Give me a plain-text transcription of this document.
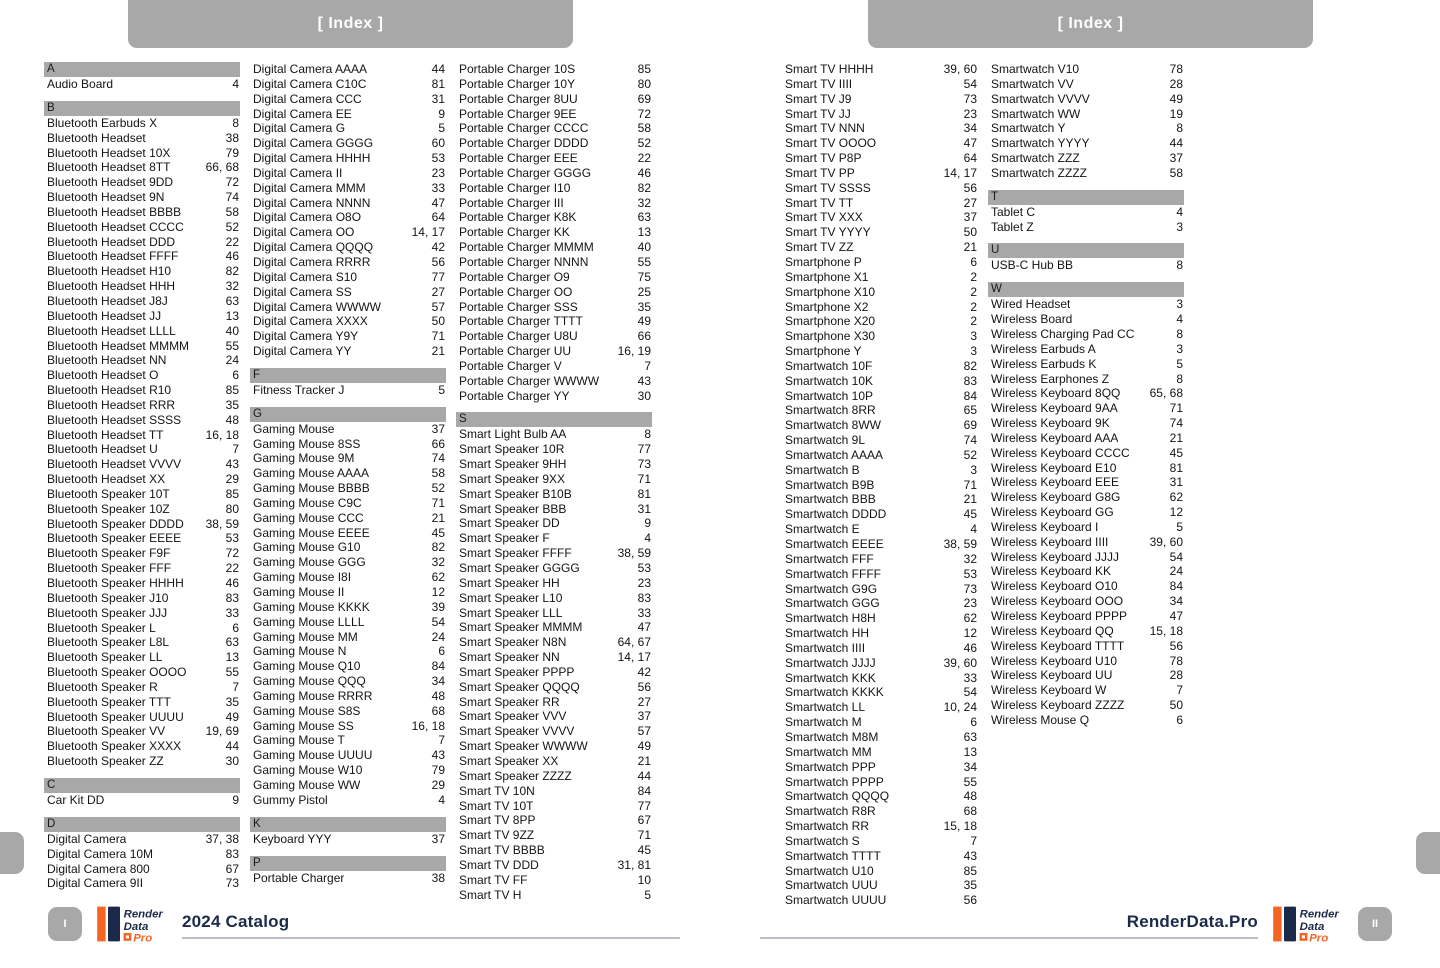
[ Index ]
A
Audio Board	4
B
Bluetooth Earbuds X	8
Bluetooth Headset	38
Bluetooth Headset 10X	79
Bluetooth Headset 8TT	66, 68
Bluetooth Headset 9DD	72
Bluetooth Headset 9N	74
Bluetooth Headset BBBB	58
Bluetooth Headset CCCC	52
Bluetooth Headset DDD	22
Bluetooth Headset FFFF	46
Bluetooth Headset H10	82
Bluetooth Headset HHH	32
Bluetooth Headset J8J	63
Bluetooth Headset JJ	13
Bluetooth Headset LLLL	40
Bluetooth Headset MMMM	55
Bluetooth Headset NN	24
Bluetooth Headset O	6
Bluetooth Headset R10	85
Bluetooth Headset RRR	35
Bluetooth Headset SSSS	48
Bluetooth Headset TT	16, 18
Bluetooth Headset U	7
Bluetooth Headset VVVV	43
Bluetooth Headset XX	29
Bluetooth Speaker 10T	85
Bluetooth Speaker 10Z	80
Bluetooth Speaker DDDD 38, 59
Bluetooth Speaker EEEE	53
Bluetooth Speaker F9F	72
Bluetooth Speaker FFF	22
Bluetooth Speaker HHHH	46
Bluetooth Speaker J10	83
Bluetooth Speaker JJJ	33
Bluetooth Speaker L	6
Bluetooth Speaker L8L	63
Bluetooth Speaker LL	13
Bluetooth Speaker OOOO	55
Bluetooth Speaker R	7
Bluetooth Speaker TTT	35
Bluetooth Speaker UUUU	49
Bluetooth Speaker VV	19, 69
Bluetooth Speaker XXXX	44
Bluetooth Speaker ZZ	30
C
Car Kit DD	9
D
Digital Camera	37, 38
Digital Camera 10M	83
Digital Camera 800	67
Digital Camera 9II	73
Digital Camera AAAA	44
Digital Camera C10C	81
Digital Camera CCC	31
Digital Camera EE	9
Digital Camera G	5
Digital Camera GGGG	60
Digital Camera HHHH	53
Digital Camera II	23
Digital Camera MMM	33
Digital Camera NNNN	47
Digital Camera O8O	64
Digital Camera OO	14, 17
Digital Camera QQQQ	42
Digital Camera RRRR	56
Digital Camera S10	77
Digital Camera SS	27
Digital Camera WWWW	57
Digital Camera XXXX	50
Digital Camera Y9Y	71
Digital Camera YY	21
F
Fitness Tracker J	5
G
Gaming Mouse	37
Gaming Mouse 8SS	66
Gaming Mouse 9M	74
Gaming Mouse AAAA	58
Gaming Mouse BBBB	52
Gaming Mouse C9C	71
Gaming Mouse CCC	21
Gaming Mouse EEEE	45
Gaming Mouse G10	82
Gaming Mouse GGG	32
Gaming Mouse I8I	62
Gaming Mouse II	12
Gaming Mouse KKKK	39
Gaming Mouse LLLL	54
Gaming Mouse MM	24
Gaming Mouse N	6
Gaming Mouse Q10	84
Gaming Mouse QQQ	34
Gaming Mouse RRRR	48
Gaming Mouse S8S	68
Gaming Mouse SS	16, 18
Gaming Mouse T	7
Gaming Mouse UUUU	43
Gaming Mouse W10	79
Gaming Mouse WW	29
Gummy Pistol	4
K
Keyboard YYY	37
P
Portable Charger	38
Portable Charger 10S	85
Portable Charger 10Y	80
Portable Charger 8UU	69
Portable Charger 9EE	72
Portable Charger CCCC	58
Portable Charger DDDD	52
Portable Charger EEE	22
Portable Charger GGGG	46
Portable Charger I10	82
Portable Charger III	32
Portable Charger K8K	63
Portable Charger KK	13
Portable Charger MMMM	40
Portable Charger NNNN	55
Portable Charger O9	75
Portable Charger OO	25
Portable Charger SSS	35
Portable Charger TTTT	49
Portable Charger U8U	66
Portable Charger UU	16, 19
Portable Charger V	7
Portable Charger WWWW	43
Portable Charger YY	30
S
Smart Light Bulb AA	8
Smart Speaker 10R	77
Smart Speaker 9HH	73
Smart Speaker 9XX	71
Smart Speaker B10B	81
Smart Speaker BBB	31
Smart Speaker DD	9
Smart Speaker F	4
Smart Speaker FFFF	38, 59
Smart Speaker GGGG	53
Smart Speaker HH	23
Smart Speaker L10	83
Smart Speaker LLL	33
Smart Speaker MMMM	47
Smart Speaker N8N	64, 67
Smart Speaker NN	14, 17
Smart Speaker PPPP	42
Smart Speaker QQQQ	56
Smart Speaker RR	27
Smart Speaker VVV	37
Smart Speaker VVVV	57
Smart Speaker WWWW	49
Smart Speaker XX	21
Smart Speaker ZZZZ	44
Smart TV 10N	84
Smart TV 10T	77
Smart TV 8PP	67
Smart TV 9ZZ	71
Smart TV BBBB	45
Smart TV DDD	31, 81
Smart TV FF	10
Smart TV H	5
I
Render
Data
Pro
2024 Catalog
[ Index ]
Smart TV HHHH	39, 60
Smart TV IIII	54
Smart TV J9	73
Smart TV JJ	23
Smart TV NNN	34
Smart TV OOOO	47
Smart TV P8P	64
Smart TV PP	14, 17
Smart TV SSSS	56
Smart TV TT	27
Smart TV XXX	37
Smart TV YYYY	50
Smart TV ZZ	21
Smartphone P	6
Smartphone X1	2
Smartphone X10	2
Smartphone X2	2
Smartphone X20	2
Smartphone X30	3
Smartphone Y	3
Smartwatch 10F	82
Smartwatch 10K	83
Smartwatch 10P	84
Smartwatch 8RR	65
Smartwatch 8WW	69
Smartwatch 9L	74
Smartwatch AAAA	52
Smartwatch B	3
Smartwatch B9B	71
Smartwatch BBB	21
Smartwatch DDDD	45
Smartwatch E	4
Smartwatch EEEE	38, 59
Smartwatch FFF	32
Smartwatch FFFF	53
Smartwatch G9G	73
Smartwatch GGG	23
Smartwatch H8H	62
Smartwatch HH	12
Smartwatch IIII	46
Smartwatch JJJJ	39, 60
Smartwatch KKK	33
Smartwatch KKKK	54
Smartwatch LL	10, 24
Smartwatch M	6
Smartwatch M8M	63
Smartwatch MM	13
Smartwatch PPP	34
Smartwatch PPPP	55
Smartwatch QQQQ	48
Smartwatch R8R	68
Smartwatch RR	15, 18
Smartwatch S	7
Smartwatch TTTT	43
Smartwatch U10	85
Smartwatch UUU	35
Smartwatch UUUU	56
Smartwatch V10	78
Smartwatch VV	28
Smartwatch VVVV	49
Smartwatch WW	19
Smartwatch Y	8
Smartwatch YYYY	44
Smartwatch ZZZ	37
Smartwatch ZZZZ	58
T
Tablet C	4
Tablet Z	3
U
USB-C Hub BB	8
W
Wired Headset	3
Wireless Board	4
Wireless Charging Pad CC	8
Wireless Earbuds A	3
Wireless Earbuds K	5
Wireless Earphones Z	8
Wireless Keyboard 8QQ 65, 68
Wireless Keyboard 9AA	71
Wireless Keyboard 9K	74
Wireless Keyboard AAA	21
Wireless Keyboard CCCC	45
Wireless Keyboard E10	81
Wireless Keyboard EEE	31
Wireless Keyboard G8G	62
Wireless Keyboard GG	12
Wireless Keyboard I	5
Wireless Keyboard IIII	39, 60
Wireless Keyboard JJJJ	54
Wireless Keyboard KK	24
Wireless Keyboard O10	84
Wireless Keyboard OOO	34
Wireless Keyboard PPPP	47
Wireless Keyboard QQ	15, 18
Wireless Keyboard TTTT	56
Wireless Keyboard U10	78
Wireless Keyboard UU	28
Wireless Keyboard W	7
Wireless Keyboard ZZZZ	50
Wireless Mouse Q	6
RenderData.Pro Render
Data
Pro
II
